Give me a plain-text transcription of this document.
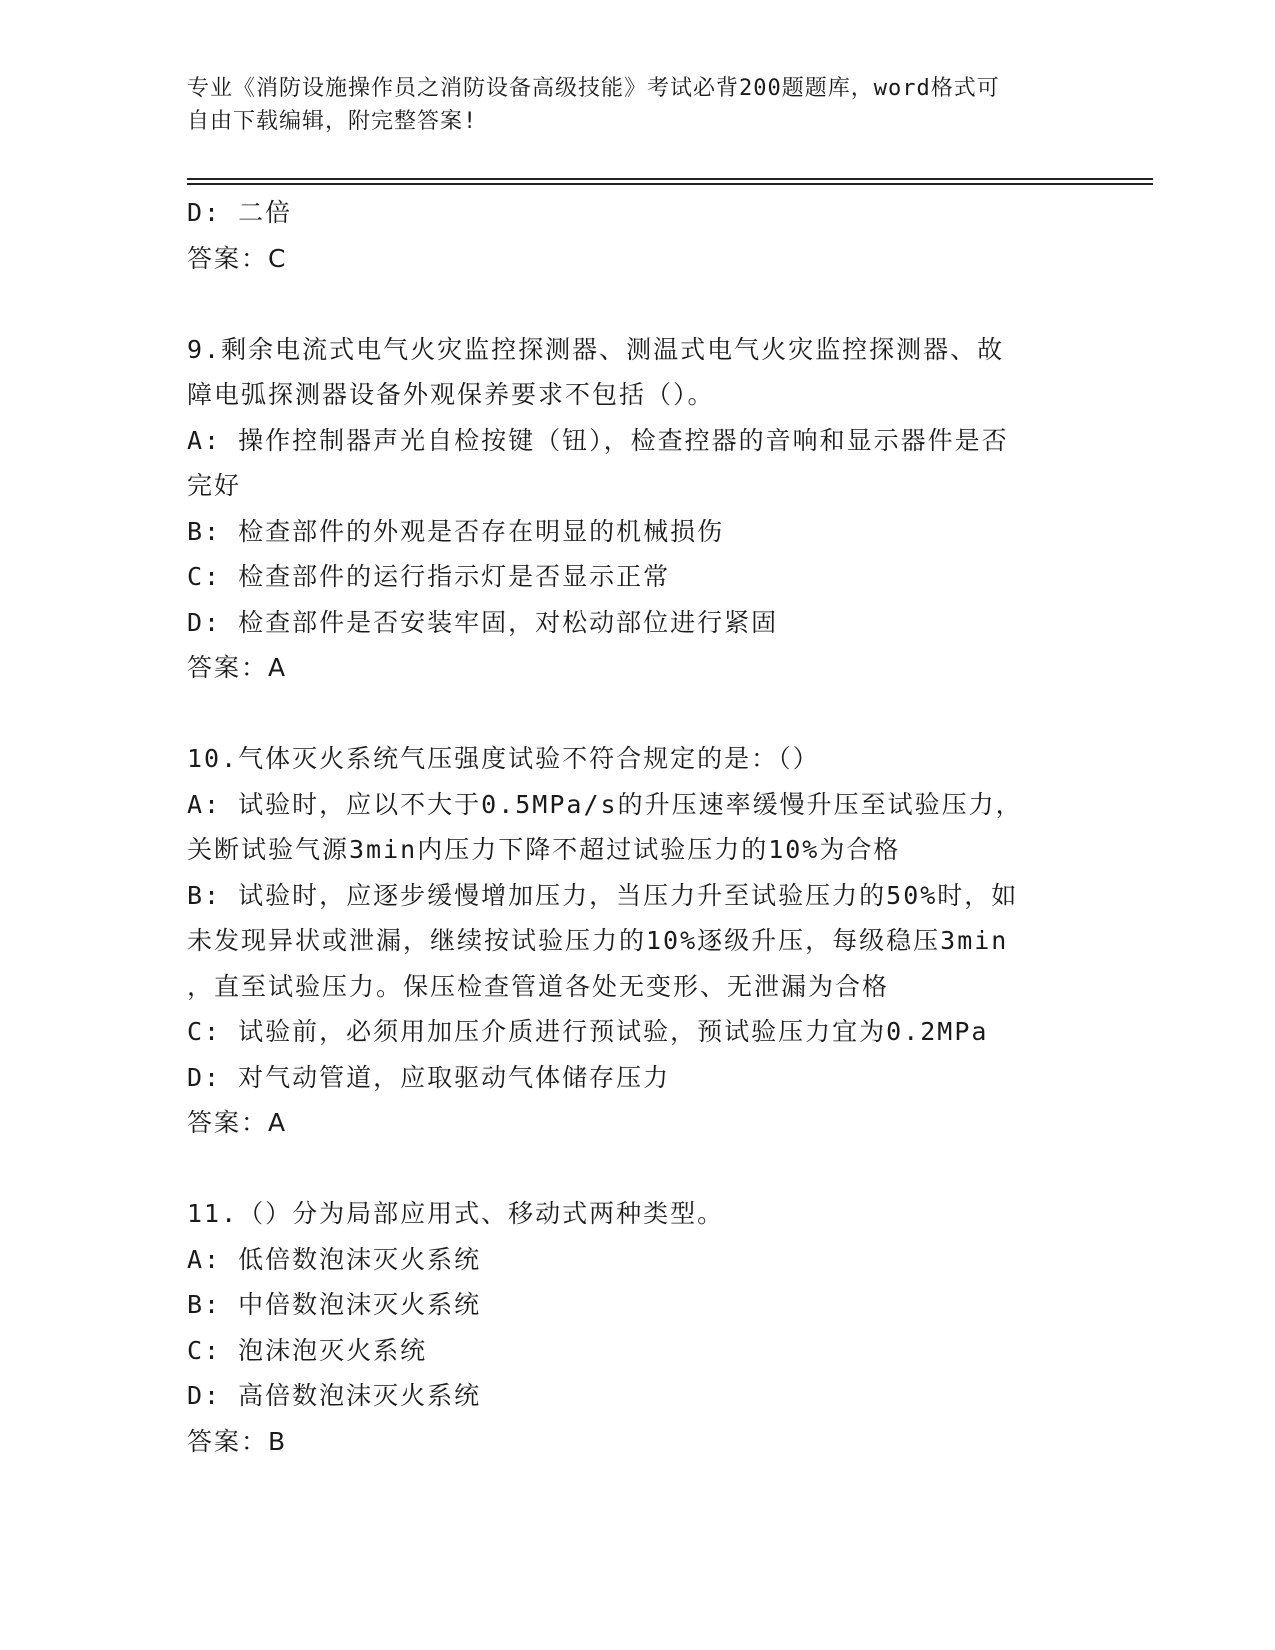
专业《消防设施操作员之消防设备高级技能》考试必背200题题库，word格式可
自由下载编辑，附完整答案!

D: 二倍

答案：C

9.剩余电流式电气火灾监控探测器、测温式电气火灾监控探测器、故

障电弧探测器设备外观保养要求不包括（）。

A: 操作控制器声光自检按键（钮），检查控器的音响和显示器件是否

完好

B: 检查部件的外观是否存在明显的机械损伤

C: 检查部件的运行指示灯是否显示正常

D: 检查部件是否安装牢固，对松动部位进行紧固

答案：A

10.气体灭火系统气压强度试验不符合规定的是：（）

A: 试验时，应以不大于0.5MPa/s的升压速率缓慢升压至试验压力，

关断试验气源3min内压力下降不超过试验压力的10%为合格

B: 试验时，应逐步缓慢增加压力，当压力升至试验压力的50%时，如

未发现异状或泄漏，继续按试验压力的10%逐级升压，每级稳压3min

，直至试验压力。保压检查管道各处无变形、无泄漏为合格

C: 试验前，必须用加压介质进行预试验，预试验压力宜为0.2MPa

D: 对气动管道，应取驱动气体储存压力

答案：A

11.（）分为局部应用式、移动式两种类型。

A: 低倍数泡沫灭火系统

B: 中倍数泡沫灭火系统

C: 泡沫泡灭火系统

D: 高倍数泡沫灭火系统

答案：B
